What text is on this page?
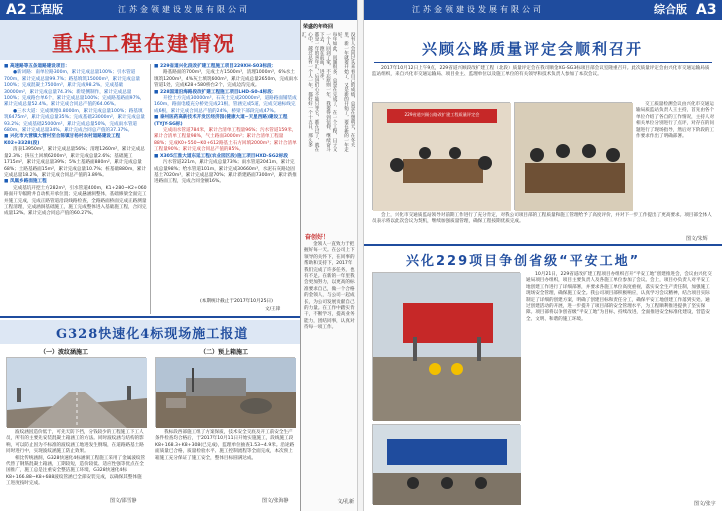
A2 工程版	江苏金领建设发展有限公司
重点工程在建情况
荣盛的年终回
都是一年的喜年汇，后进们心不能只等它，都在过了，就在心中，越过总有一个人一年，都好好一个十五日，那么多汇。	每年如此，问题很多，总是在完成了，在一个工程，日子又一个人回到了家，不忘原则一年，我要得到信仰，继续奋斗下去，跑在前面，进步。	没有人会回过头来看自己的成绩，总是在想明天，在冬天里，新一年就要开始了，又是新的开始了，要在新的一年走好。
奋创好！

金领人一直致力于把握好每一天。在公司上下领导的关怀下，在同事的帮助和支持下，2017年我们完成了许多任务，也有不足。在新的一年里我会更加努力，以更高的标准要求自己，做一个合格的金领人，与公司一起成长，为公司发展贡献自己的力量。在工作中踏实肯干，不断学习，提高业务能力，团结同事，认真对待每一项工作。

文/孔新
■ 高速路等五条道路建设项目：

●新词路：南单位路300m，累计完成总量100%；引水管道700m，累计完成总量99.7%；路基填筑15000m³，累计完成总量100%；完成混凝土7500m³，累计完成98.2%，完成基础30000m²，累计完成总量74.3%；新堤侧制作，累计完成总量100%；完成路台单6个，累计完成总量100%；完成路基路面97%，累计完成总量52.4%。累计完成合同总产值的64.06%。

●三水大道：完成填埋0.8000m，累计完成总量100%；路基填筑6475m³，累计完成总量35%；完成基础23000m²，累计完成总量93.2%；完成基础25000m²，累计完成总量50%，完成雨水管道680m，累计完成总量34%。累计完成合同总产值的37.37%。

■ 兴化市大营镇大营村至合陈镇甘杨村农村道路建设工程K02+3328(段)

清表13950m²，累计完成总量56%；清理1260m²，累计完成总量2.3%；挤压土回填6200m³，累计完成总量2.6%；基础施工1715m²，累计完成总量39%；5%土基路面880m²，累计完成总量68%；土路基路面15m²，累计完成总量10.7%；桩基础880m，累计完成总量18.2%，累计完成合同总产值的3.89%。

■ 凤凰乡路面施工程

完成基坑开挖土方282m³，引水管道400m，K1+280~K2+060路面开专幅附井自动机开承位置；完成悬涵洞整体，基础修梁全面完工并施工完成，完成正路管道沿段线路检查，全路路面桥面完成正路测量工程清理，完成涵洞基础施工，施工完成整体进入基础施工程，合同完成量12%。累计完成合同总产值的60.27%。

■ 229省道兴化段改扩建工程施工项目229XH-S03标段：

路基路面的700m³，完成土方1500m³，清理1000m³，6%水土填筑1200m³，4%灰土填筑600m³，累计完成总量2650m，完成雨水管道1处，完成K28+580桥台2个，完成边沟完成。

■ 228国道沿海路段改扩建工程施工项目LHD-S0-4标段：

开挖土方完成30000m³，石灰土完成20000m²，道路路面铺装成160m，路面电缆充分桥处完成21根，管涵完成5道，完成交通标线完成6根，累计完成合同总产值的24%，桥梁下部段完成47%。

■ 泰州医药高新技术开发区经济园(健康大道~天星西路)建设工程(TYJY-SG标)

完成雨水管道784米，累计合清单工程量96%；污水管道159米，累计合清单工程量98%，气土路面3000m²；累计合清单工程量88%；完成K0+550~K0+612路基土石方回填2000m³；累计合清单工程量90%；累计完成合同总产值的85%。

■ X305江淮大道东延工程(农业园区段)施工项目HXD-SG2标段

污水管道221m，累计完成总量73%；雨水管道2041m，累计完成总量98%；给水管道101m，累计完成30660m³，水泥石灰路边固基土7020m³，累计完成总量70%；累计新建路面7300m³，累计新推进路面工程，完成合同金额16%。

(本期统计截止于2017年10月25日)
文/王锋
G328快速化4标现场施工报道
（一）波纹涵施工	（二）预上箱施工

波纹涵因造价低于，可先天防下挡，分钱较少的工程施工下工人员，所有的主要先安装混凝土箱涵工的方法。同时波纹涵与结构的影响，可以防止因为不标准的波纹涵工地进发生倒塌，在道路路基土路同时进行中，实现波纹涵施工防止效果。

相比传统涵洞，G328快速化4标涵洞工程施工采用了金属波纹管代替了钢筋混凝土箱涵，工期较短，造价较低、适应性强等优点在全国推广，施工总是注重安全整洁施工环境，G328快速化4标K8+166.88~K8+688波纹管涵已全部安装完成，以确保其整体施工进度按时完成。

我标段西部施工组了方案保质，技术安全交底及开工前安全生产条件检查均合格后，于2017年10月11日开始实施施工，段线施工段K8+168.3+K8+308(已完成)，监理单位抽查1.53~4.9米。沿途路面质量已合格，质量检验水平、施工控制流程等全面完成，本次预上箱施工充分保证了施工安全，整体目标圆满达成。

图文/邵雪静	图文/张海静
江苏金领建设发展有限公司	综合版 A3
兴顾公路质量评定会顺利召开

2017年10月12日上午9点，229省道兴顾段改扩建工程（北段）质量评定会在我司顺金XG-SG3标项目部会议室隆重召开。此次质量评定会由兴化市交通运输局质监站组织，来自兴化市交通运输局、项目业主、监理单位以及施工单位的有关领导和技术负责人参加了本次会议。

229省道兴顾公路改扩建工程质量评定会

交工质量检测会议由兴化市交通运输局质监站负责人王主持，首先由各个单位介绍了各自的工作情况，主持人对相关单位分别进行了点评，对存在的问题进行了现场指导，然后对下阶段的工作要求作出了明确部署。

会上，兴化市交通质监站领导对前期工作进行了充分肯定，对我公司项目部的工程质量和施工管理给予了高度评价，并对下一步工作提出了更高要求。项目部全体人员表示将以此次会议为契机，继续加强质量管理，确保工程按期优质完成。

图文/朱辉
兴化229项目争创省级“平安工地”

10月21日，229省道改扩建工程项目办组织召开“平安工地”创建推进会，会议由兴化交通局项目办组织，项目主要负责人及各施工单位参加了会议。会上，项目办负责人对平安工地创建工作进行了详细部署，并要求各施工单位高度重视，落实安全生产责任制，加强施工现场安全管理，确保施工安全。我公司项目部积极响应，认真学习会议精神，结合项目实际制定了详细的创建方案，明确了创建目标和责任分工，确保平安工地创建工作落到实处。通过创建活动的开展，进一步提升了项目部的安全管理水平，为工程顺利推进提供了坚实保障。项目部将以争创省级“平安工地”为目标，持续改进，全面推进安全标准化建设，营造安全、文明、和谐的施工环境。

图文/张宇
